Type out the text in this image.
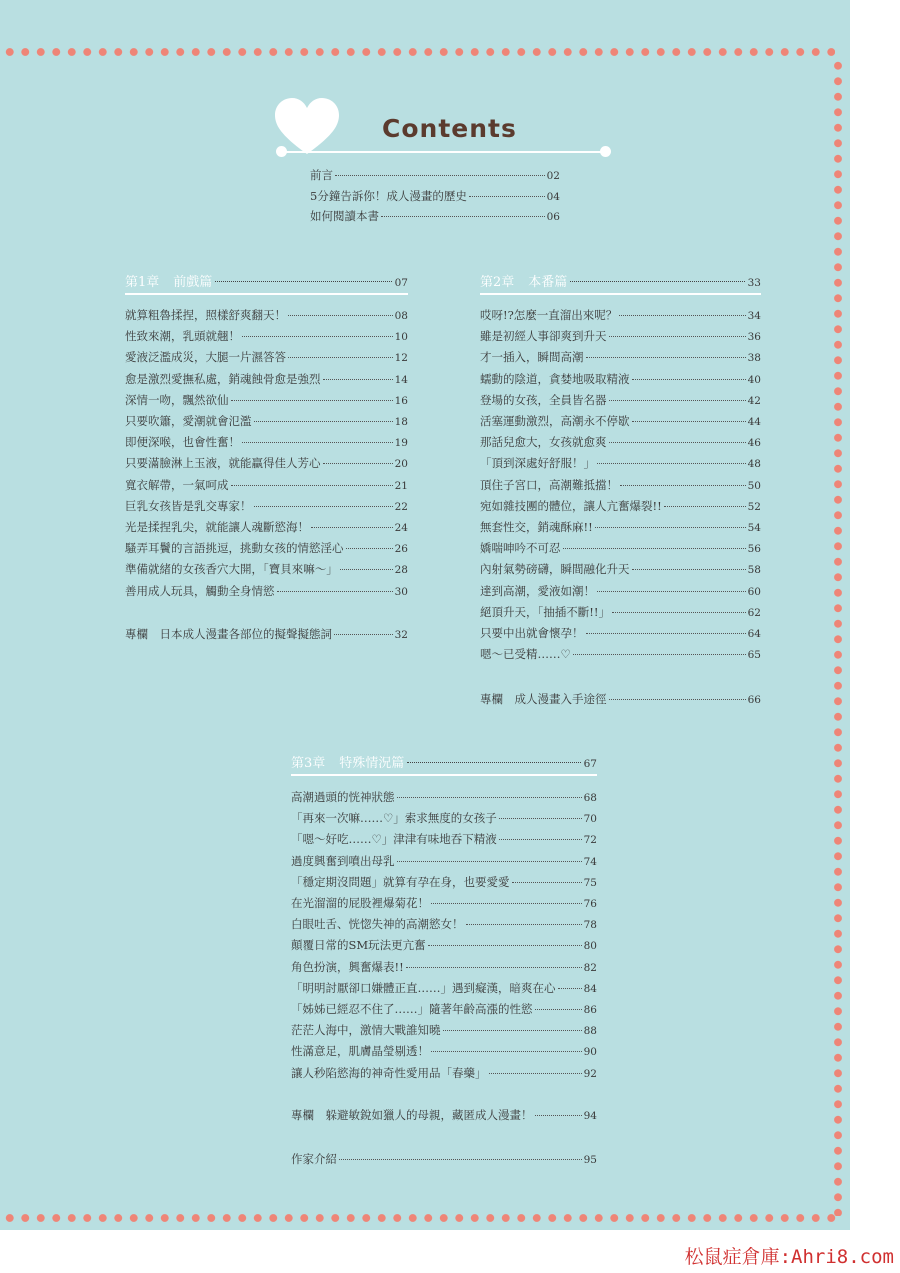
Contents
前言	02
5分鐘告訴你！成人漫畫的歷史	04
如何閱讀本書	06
第1章 前戲篇	07
就算粗魯揉捏，照樣舒爽翻天！	08
性致來潮，乳頭就翹！	10
愛液泛濫成災，大腿一片濕答答	12
愈是激烈愛撫私處，銷魂蝕骨愈是強烈	14
深情一吻，飄然欲仙	16
只要吹簫，愛潮就會氾濫	18
即便深喉，也會性奮！	19
只要滿臉淋上玉液，就能贏得佳人芳心	20
寬衣解帶，一氣呵成	21
巨乳女孩皆是乳交專家！	22
光是揉捏乳尖，就能讓人魂斷慾海！	24
騷弄耳鬢的言語挑逗，挑動女孩的情慾淫心	26
準備就緒的女孩香穴大開，「寶貝來嘛～」	28
善用成人玩具，觸動全身情慾	30
專欄　日本成人漫畫各部位的擬聲擬態詞	32
第2章 本番篇	33
哎呀!?怎麼一直溜出來呢？	34
雖是初經人事卻爽到升天	36
才一插入，瞬間高潮	38
蠕動的陰道，貪婪地吸取精液	40
登場的女孩，全員皆名器	42
活塞運動激烈，高潮永不停歇	44
那話兒愈大，女孩就愈爽	46
「頂到深處好舒服！」	48
頂住子宮口，高潮難抵擋！	50
宛如雜技團的體位，讓人亢奮爆裂!!	52
無套性交，銷魂酥麻!!	54
嬌喘呻吟不可忍	56
內射氣勢磅礴，瞬間融化升天	58
達到高潮，愛液如潮！	60
絕頂升天，「抽插不斷!!」	62
只要中出就會懷孕！	64
嗯～已受精……♡	65
專欄　成人漫畫入手途徑	66
第3章 特殊情況篇	67
高潮過頭的恍神狀態	68
「再來一次嘛……♡」索求無度的女孩子	70
「嗯～好吃……♡」津津有味地吞下精液	72
過度興奮到噴出母乳	74
「穩定期沒問題」就算有孕在身，也要愛愛	75
在光溜溜的屁股裡爆菊花！	76
白眼吐舌、恍惚失神的高潮慾女！	78
顛覆日常的SM玩法更亢奮	80
角色扮演，興奮爆表!!	82
「明明討厭卻口嫌體正直……」遇到癡漢，暗爽在心	84
「姊姊已經忍不住了……」隨著年齡高漲的性慾	86
茫茫人海中，激情大戰誰知曉	88
性滿意足，肌膚晶瑩剔透！	90
讓人秒陷慾海的神奇性愛用品「春藥」	92
專欄　躲避敏銳如獵人的母親，藏匿成人漫畫！	94
作家介紹	95
松鼠症倉庫:Ahri8.com
